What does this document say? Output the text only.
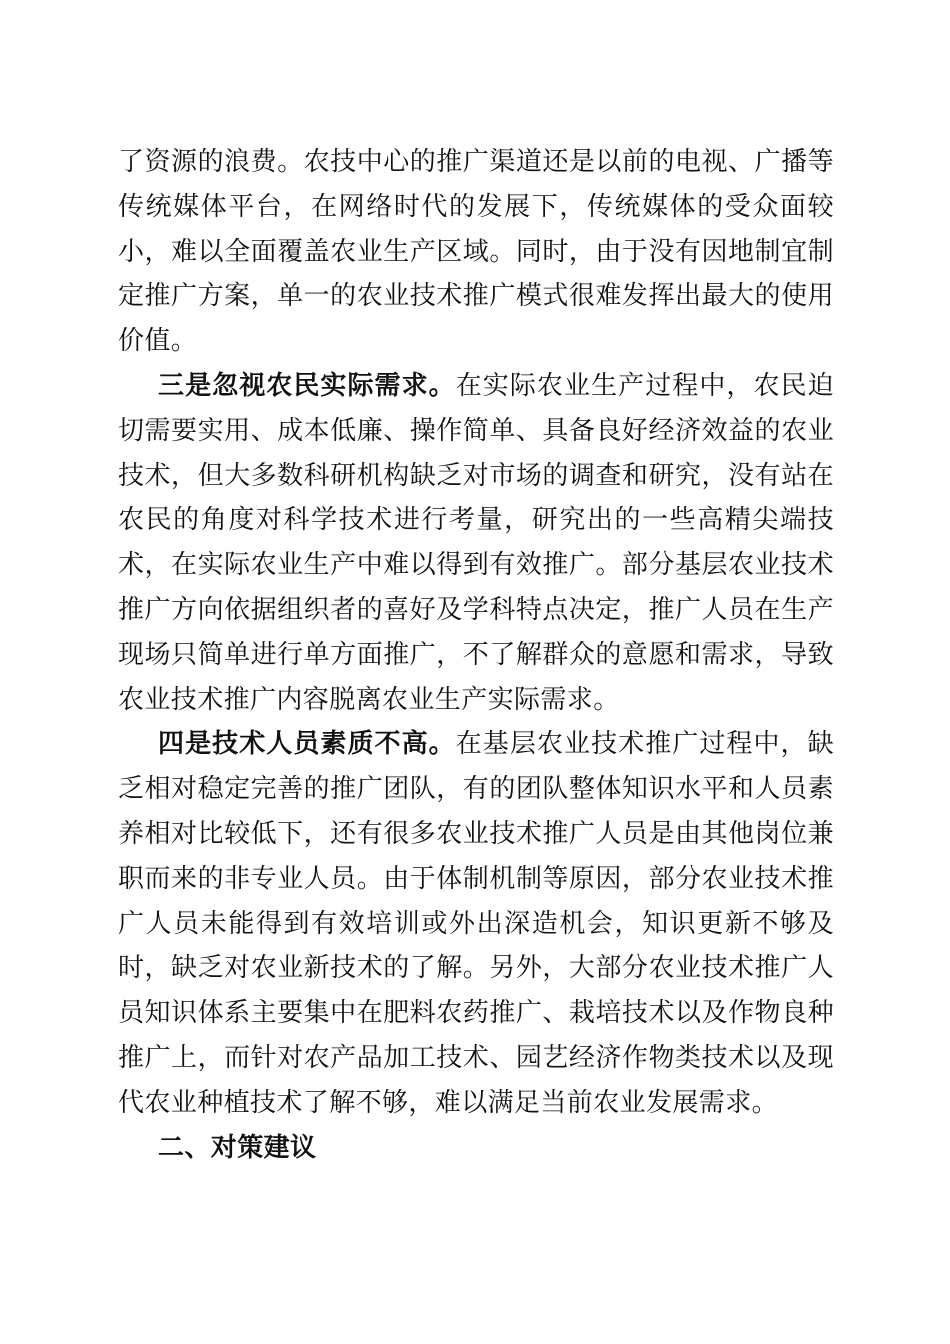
了资源的浪费。农技中心的推广渠道还是以前的电视、广播等传统媒体平台，在网络时代的发展下，传统媒体的受众面较小，难以全面覆盖农业生产区域。同时，由于没有因地制宜制定推广方案，单一的农业技术推广模式很难发挥出最大的使用价值。

三是忽视农民实际需求。在实际农业生产过程中，农民迫切需要实用、成本低廉、操作简单、具备良好经济效益的农业技术，但大多数科研机构缺乏对市场的调查和研究，没有站在农民的角度对科学技术进行考量，研究出的一些高精尖端技术，在实际农业生产中难以得到有效推广。部分基层农业技术推广方向依据组织者的喜好及学科特点决定，推广人员在生产现场只简单进行单方面推广，不了解群众的意愿和需求，导致农业技术推广内容脱离农业生产实际需求。

四是技术人员素质不高。在基层农业技术推广过程中，缺乏相对稳定完善的推广团队，有的团队整体知识水平和人员素养相对比较低下，还有很多农业技术推广人员是由其他岗位兼职而来的非专业人员。由于体制机制等原因，部分农业技术推广人员未能得到有效培训或外出深造机会，知识更新不够及时，缺乏对农业新技术的了解。另外，大部分农业技术推广人员知识体系主要集中在肥料农药推广、栽培技术以及作物良种推广上，而针对农产品加工技术、园艺经济作物类技术以及现代农业种植技术了解不够，难以满足当前农业发展需求。

二、对策建议
